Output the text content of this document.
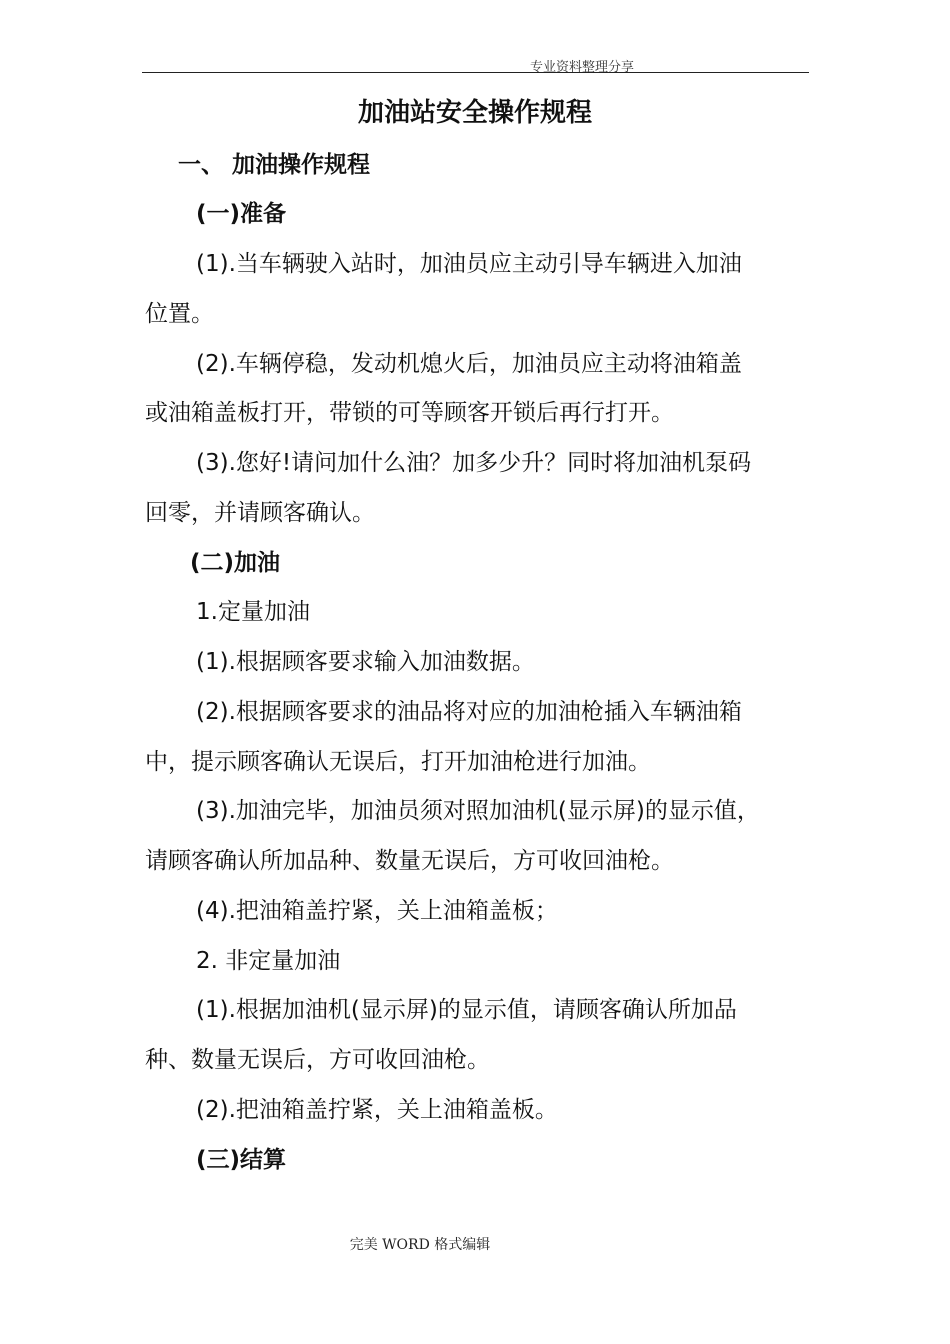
专业资料整理分享
加油站安全操作规程
一、 加油操作规程
(一)准备
(1).当车辆驶入站时，加油员应主动引导车辆进入加油
位置。
(2).车辆停稳，发动机熄火后，加油员应主动将油箱盖
或油箱盖板打开，带锁的可等顾客开锁后再行打开。
(3).您好!请问加什么油？加多少升？同时将加油机泵码
回零，并请顾客确认。
(二)加油
1.定量加油
(1).根据顾客要求输入加油数据。
(2).根据顾客要求的油品将对应的加油枪插入车辆油箱
中，提示顾客确认无误后，打开加油枪进行加油。
(3).加油完毕，加油员须对照加油机(显示屏)的显示值，
请顾客确认所加品种、数量无误后，方可收回油枪。
(4).把油箱盖拧紧，关上油箱盖板；
2. 非定量加油
(1).根据加油机(显示屏)的显示值，请顾客确认所加品
种、数量无误后，方可收回油枪。
(2).把油箱盖拧紧，关上油箱盖板。
(三)结算
完美 WORD 格式编辑
